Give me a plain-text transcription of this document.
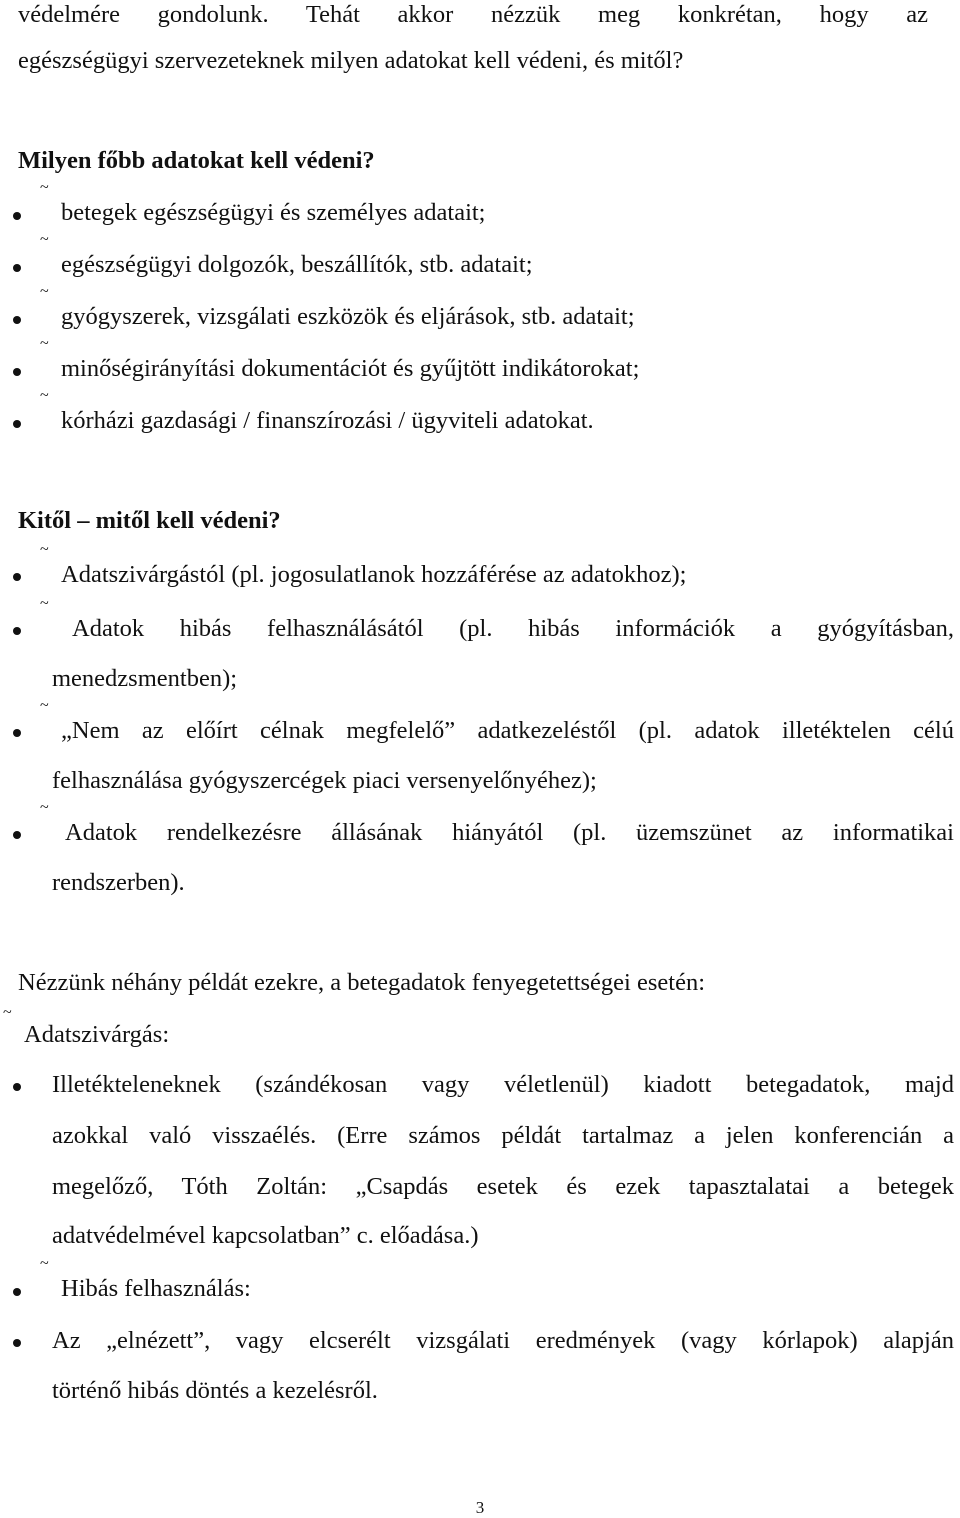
védelmére gondolunk. Tehát akkor nézzük meg konkrétan, hogy az
egészségügyi szervezeteknek milyen adatokat kell védeni, és mitől?
Milyen főbb adatokat kell védeni?
~
betegek egészségügyi és személyes adatait;
~
egészségügyi dolgozók, beszállítók, stb. adatait;
~
gyógyszerek, vizsgálati eszközök és eljárások, stb. adatait;
~
minőségirányítási dokumentációt és gyűjtött indikátorokat;
~
kórházi gazdasági / finanszírozási / ügyviteli adatokat.
Kitől – mitől kell védeni?
~
Adatszivárgástól (pl. jogosulatlanok hozzáférése az adatokhoz);
~
Adatok hibás felhasználásától (pl. hibás információk a gyógyításban,
menedzsmentben);
~
„Nem az előírt célnak megfelelő” adatkezeléstől (pl. adatok illetéktelen célú
felhasználása gyógyszercégek piaci versenyelőnyéhez);
~
Adatok rendelkezésre állásának hiányától (pl. üzemszünet az informatikai
rendszerben).
Nézzünk néhány példát ezekre, a betegadatok fenyegetettségei esetén:
~
Adatszivárgás:
Illetékteleneknek (szándékosan vagy véletlenül) kiadott betegadatok, majd
azokkal való visszaélés. (Erre számos példát tartalmaz a jelen konferencián a
megelőző, Tóth Zoltán: „Csapdás esetek és ezek tapasztalatai a betegek
adatvédelmével kapcsolatban” c. előadása.)
~
Hibás felhasználás:
Az „elnézett”, vagy elcserélt vizsgálati eredmények (vagy kórlapok) alapján
történő hibás döntés a kezelésről.
3
